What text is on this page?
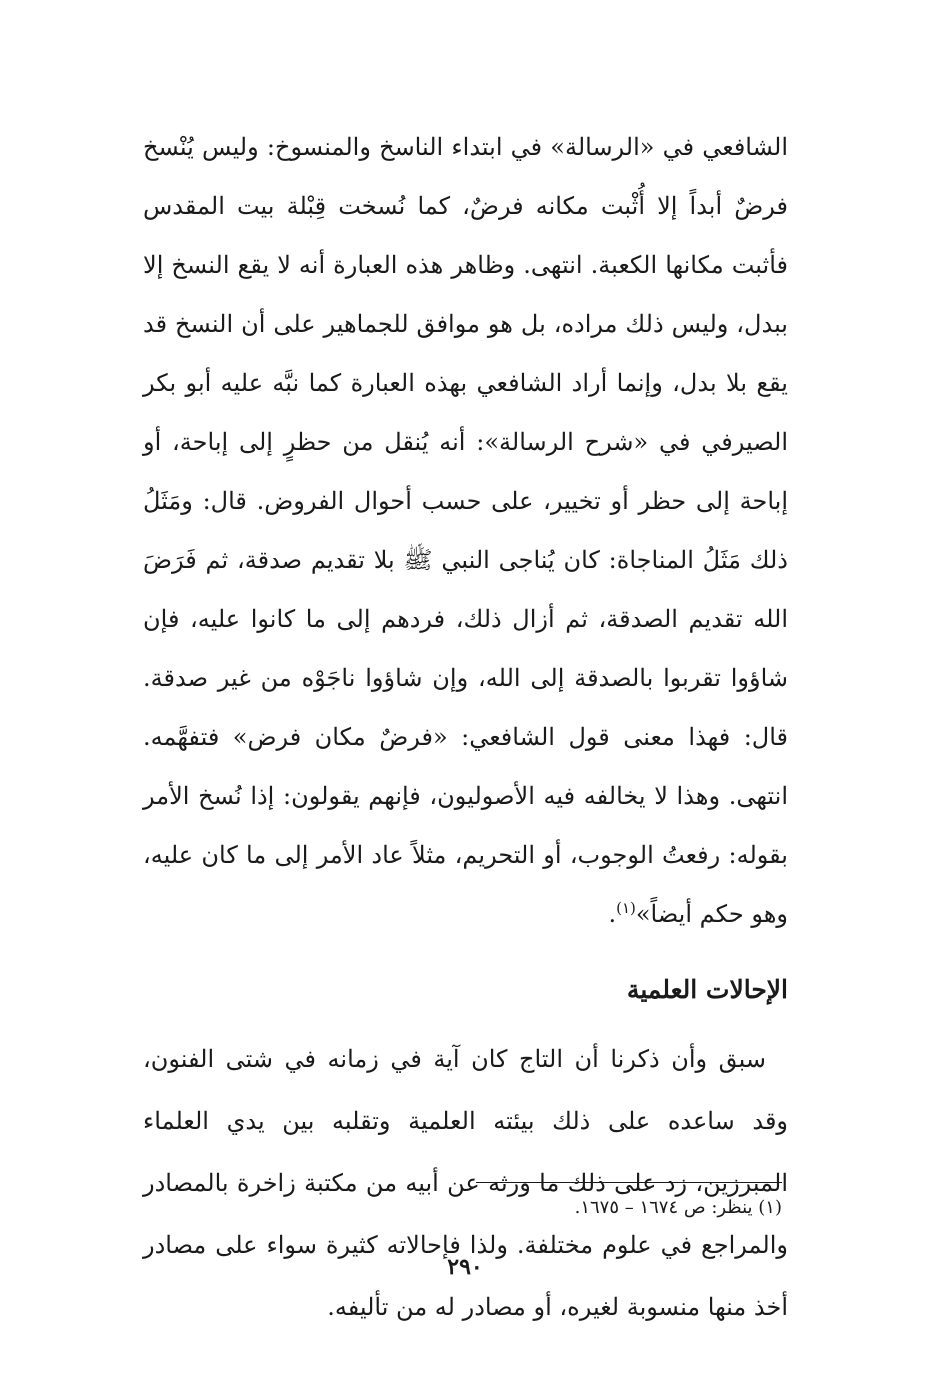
الشافعي في «الرسالة» في ابتداء الناسخ والمنسوخ: وليس يُنْسخ فرضٌ أبداً إلا أُثْبت مكانه فرضٌ، كما نُسخت قِبْلة بيت المقدس فأثبت مكانها الكعبة. انتهى. وظاهر هذه العبارة أنه لا يقع النسخ إلا ببدل، وليس ذلك مراده، بل هو موافق للجماهير على أن النسخ قد يقع بلا بدل، وإنما أراد الشافعي بهذه العبارة كما نبَّه عليه أبو بكر الصيرفي في «شرح الرسالة»: أنه يُنقل من حظرٍ إلى إباحة، أو إباحة إلى حظر أو تخيير، على حسب أحوال الفروض. قال: ومَثَلُ ذلك مَثَلُ المناجاة: كان يُناجى النبي ﷺ بلا تقديم صدقة، ثم فَرَضَ الله تقديم الصدقة، ثم أزال ذلك، فردهم إلى ما كانوا عليه، فإن شاؤوا تقربوا بالصدقة إلى الله، وإن شاؤوا ناجَوْه من غير صدقة. قال: فهذا معنى قول الشافعي: «فرضٌ مكان فرض» فتفهَّمه. انتهى. وهذا لا يخالفه فيه الأصوليون، فإنهم يقولون: إذا نُسخ الأمر بقوله: رفعتُ الوجوب، أو التحريم، مثلاً عاد الأمر إلى ما كان عليه، وهو حكم أيضاً»$^{(١)}$.

الإحالات العلمية

سبق وأن ذكرنا أن التاج كان آية في زمانه في شتى الفنون، وقد ساعده على ذلك بيئته العلمية وتقلبه بين يدي العلماء المبرزين، زد على ذلك ما ورثه عن أبيه من مكتبة زاخرة بالمصادر والمراجع في علوم مختلفة. ولذا فإحالاته كثيرة سواء على مصادر أخذ منها منسوبة لغيره، أو مصادر له من تأليفه.

(١) ينظر: ص ١٦٧٤ – ١٦٧٥.
٢٩٠
